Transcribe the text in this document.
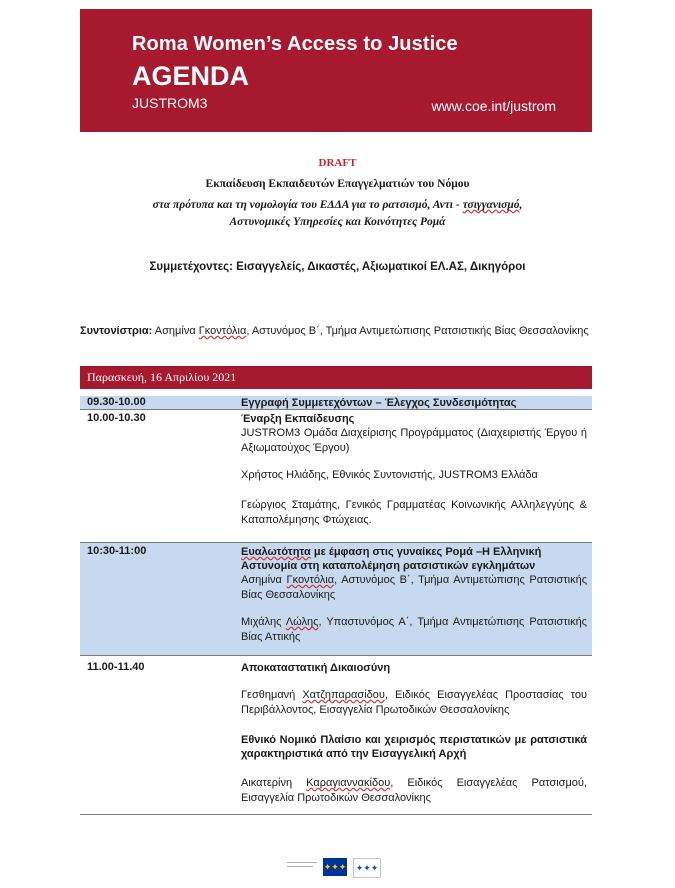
Roma Women’s Access to Justice
AGENDA
JUSTROM3	www.coe.int/justrom
DRAFT
Εκπαίδευση Εκπαιδευτών Επαγγελματιών του Νόμου
στα πρότυπα και τη νομολογία του ΕΔΔΑ για το ρατσισμό, Αντι - τσιγγανισμό,
Αστυνομικές Υπηρεσίες και Κοινότητες Ρομά
Συμμετέχοντες: Εισαγγελείς, Δικαστές, Αξιωματικοί ΕΛ.ΑΣ, Δικηγόροι
Συντονίστρια: Ασημίνα Γκοντόλια, Αστυνόμος Β΄, Τμήμα Αντιμετώπισης Ρατσιστικής Βίας Θεσσαλονίκης
Παρασκευή, 16 Απριλίου 2021
09.30-10.00	Εγγραφή Συμμετεχόντων – Έλεγχος Συνδεσιμότητας
10.00-10.30	Έναρξη Εκπαίδευσης
JUSTROM3 Ομάδα Διαχείρισης Προγράμματος (Διαχειριστής Έργου ή Αξιωματούχος Έργου)
Χρήστος Ηλιάδης, Εθνικός Συντονιστής, JUSTROM3 Ελλάδα
Γεώργιος Σταμάτης, Γενικός Γραμματέας Κοινωνικής Αλληλεγγύης & Καταπολέμησης Φτώχειας.
10:30-11:00	Ευαλωτότητα με έμφαση στις γυναίκες Ρομά –Η Ελληνική Αστυνομία στη καταπολέμηση ρατσιστικών εγκλημάτων
Ασημίνα Γκοντόλια, Αστυνόμος Β΄, Τμήμα Αντιμετώπισης Ρατσιστικής Βίας Θεσσαλονίκης
Μιχάλης Λώλης, Υπαστυνόμος Α΄, Τμήμα Αντιμετώπισης Ρατσιστικής Βίας Αττικής
11.00-11.40	Αποκαταστατική Δικαιοσύνη
Γεσθημανή Χατζηπαρασίδου, Ειδικός Εισαγγελέας Προστασίας του Περιβάλλοντος, Εισαγγελία Πρωτοδικών Θεσσαλονίκης
Εθνικό Νομικό Πλαίσιο και χειρισμός περιστατικών με ρατσιστικά χαρακτηριστικά από την Εισαγγελική Αρχή
Αικατερίνη Καραγιαννακίδου, Ειδικός Εισαγγελέας Ρατσισμού, Εισαγγελία Πρωτοδικών Θεσσαλονίκης
✦✦✦ ✦✦✦
